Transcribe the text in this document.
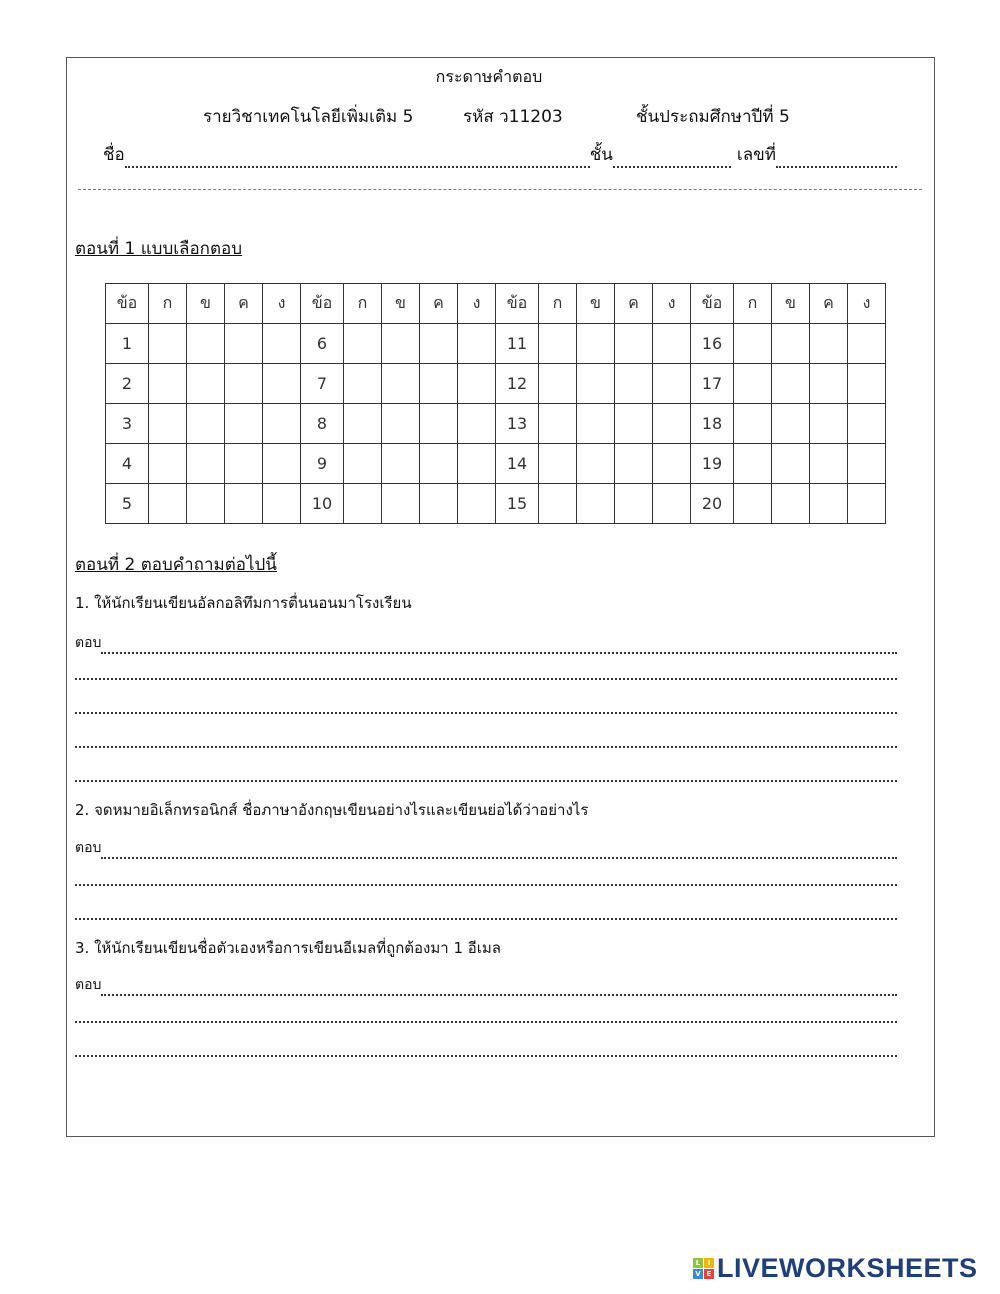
กระดาษคำตอบ
รายวิชาเทคโนโลยีเพิ่มเติม 5	รหัส ว11203	ชั้นประถมศึกษาปีที่ 5
ชื่อ	ชั้น	เลขที่
ตอนที่ 1 แบบเลือกตอบ
ข้อ	ก	ข	ค	ง	ข้อ	ก	ข	ค	ง	ข้อ	ก	ข	ค	ง	ข้อ	ก	ข	ค	ง
1					6					11					16				
2					7					12					17				
3					8					13					18				
4					9					14					19				
5					10					15					20				
ตอนที่ 2 ตอบคำถามต่อไปนี้
1. ให้นักเรียนเขียนอัลกอลิทึมการตื่นนอนมาโรงเรียน
ตอบ
2. จดหมายอิเล็กทรอนิกส์ ชื่อภาษาอังกฤษเขียนอย่างไรและเขียนย่อได้ว่าอย่างไร
ตอบ
3. ให้นักเรียนเขียนชื่อตัวเองหรือการเขียนอีเมลที่ถูกต้องมา 1 อีเมล
ตอบ
L	I
V E LIVEWORKSHEETS
